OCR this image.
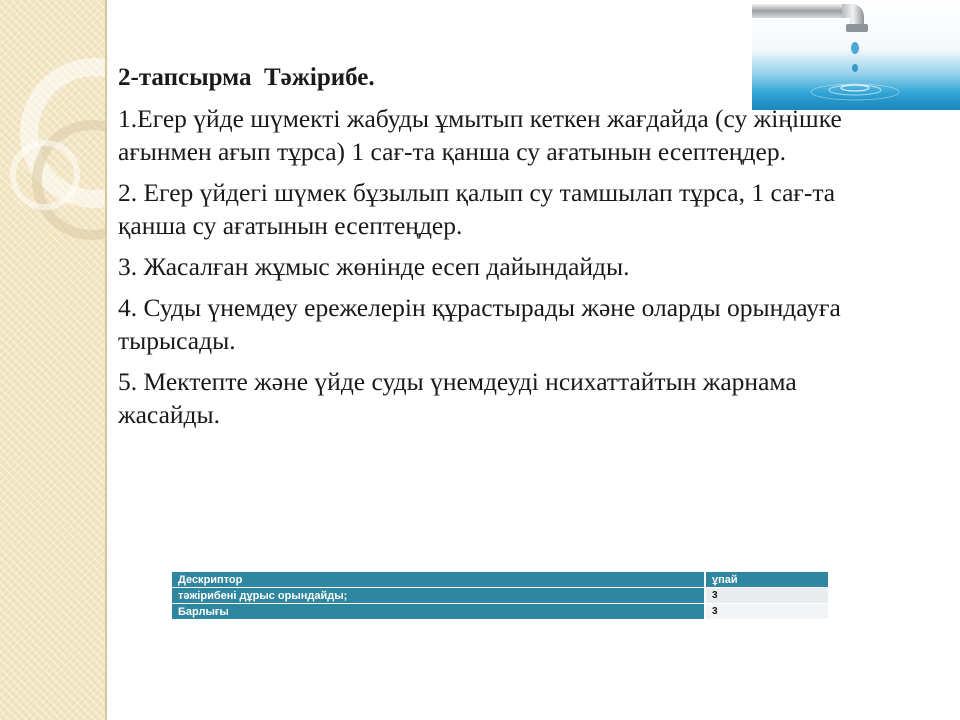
2-тапсырма  Тәжірибе.
1.Егер үйде шүмекті жабуды ұмытып кеткен жағдайда (су жіңішке ағынмен ағып тұрса) 1 сағ-та қанша су ағатынын есептеңдер.
2. Егер үйдегі шүмек бұзылып қалып су тамшылап тұрса, 1 сағ-та қанша су ағатынын есептеңдер.
3. Жасалған жұмыс жөнінде есеп дайындайды.
4. Суды үнемдеу ережелерін құрастырады және оларды орындауға тырысады.
5. Мектепте және үйде суды үнемдеуді нсихаттайтын жарнама жасайды.
Дескриптор	ұпай
тәжірибені дұрыс орындайды;	3
Барлығы	3
